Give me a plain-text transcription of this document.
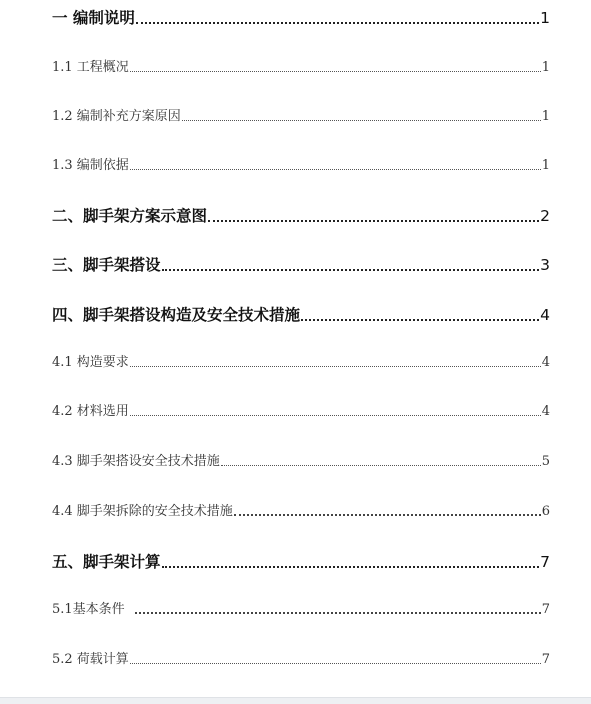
一 编制说明	1
1.1 工程概况	1
1.2 编制补充方案原因	1
1.3 编制依据	1
二、脚手架方案示意图	2
三、脚手架搭设	3
四、脚手架搭设构造及安全技术措施	4
4.1 构造要求	4
4.2 材料选用	4
4.3 脚手架搭设安全技术措施	5
4.4 脚手架拆除的安全技术措施	6
五、脚手架计算	7
5.1基本条件	7
5.2 荷载计算	7
